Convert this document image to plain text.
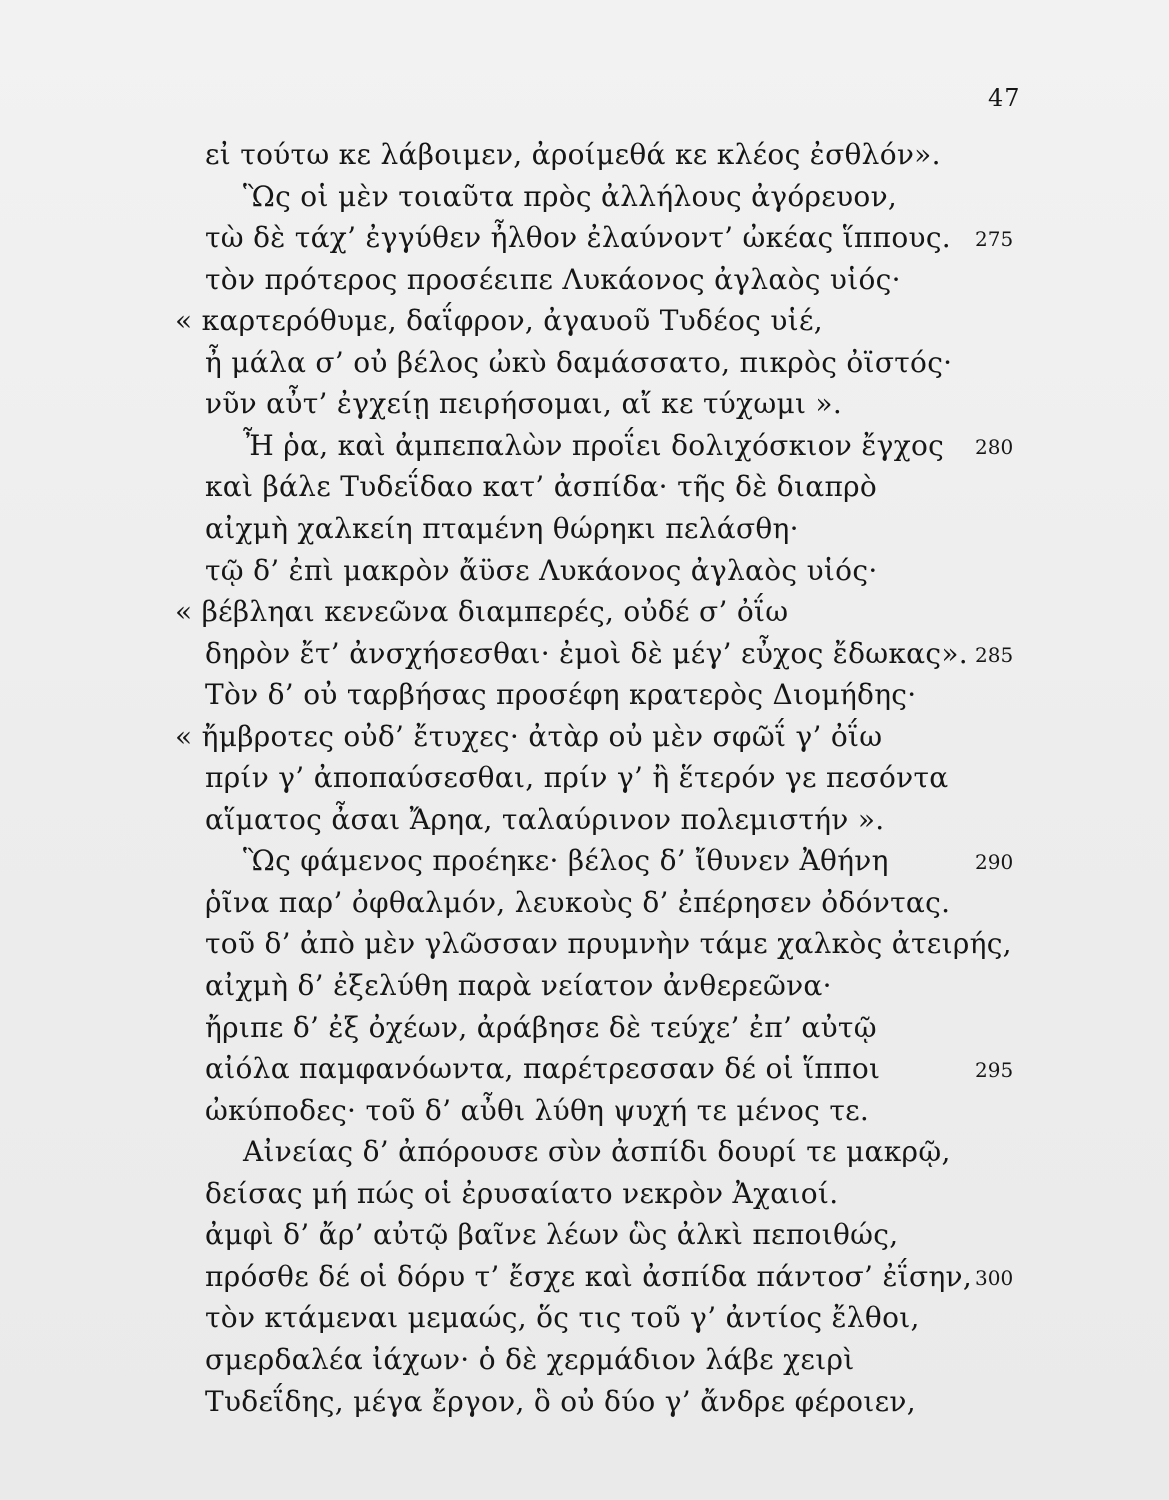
47
εἰ τούτω κε λάβοιμεν, ἀροίμεθά κε κλέος ἐσθλόν».
Ὣς οἱ μὲν τοιαῦτα πρὸς ἀλλήλους ἀγόρευον,
τὼ δὲ τάχ’ ἐγγύθεν ἦλθον ἐλαύνοντ’ ὠκέας ἵππους. 275
τὸν πρότερος προσέειπε Λυκάονος ἀγλαὸς υἱός·
« καρτερόθυμε, δαΐφρον, ἀγαυοῦ Τυδέος υἱέ,
ἦ μάλα σ’ οὐ βέλος ὠκὺ δαμάσσατο, πικρὸς ὀϊστός·
νῦν αὖτ’ ἐγχείῃ πειρήσομαι, αἴ κε τύχωμι ».
Ἦ ῥα, καὶ ἀμπεπαλὼν προΐει δολιχόσκιον ἔγχος 280
καὶ βάλε Τυδεΐδαο κατ’ ἀσπίδα· τῆς δὲ διαπρὸ
αἰχμὴ χαλκείη πταμένη θώρηκι πελάσθη·
τῷ δ’ ἐπὶ μακρὸν ἄϋσε Λυκάονος ἀγλαὸς υἱός·
« βέβληαι κενεῶνα διαμπερές, οὐδέ σ’ ὀΐω
δηρὸν ἔτ’ ἀνσχήσεσθαι· ἐμοὶ δὲ μέγ’ εὖχος ἔδωκας». 285
Τὸν δ’ οὐ ταρβήσας προσέφη κρατερὸς Διομήδης·
« ἤμβροτες οὐδ’ ἔτυχες· ἀτὰρ οὐ μὲν σφῶΐ γ’ ὀΐω
πρίν γ’ ἀποπαύσεσθαι, πρίν γ’ ἢ ἕτερόν γε πεσόντα
αἵματος ἆσαι Ἄρηα, ταλαύρινον πολεμιστήν ».
Ὣς φάμενος προέηκε· βέλος δ’ ἴθυνεν Ἀθήνη	290
ῥῖνα παρ’ ὀφθαλμόν, λευκοὺς δ’ ἐπέρησεν ὀδόντας.
τοῦ δ’ ἀπὸ μὲν γλῶσσαν πρυμνὴν τάμε χαλκὸς ἀτειρής,
αἰχμὴ δ’ ἐξελύθη παρὰ νείατον ἀνθερεῶνα·
ἤριπε δ’ ἐξ ὀχέων, ἀράβησε δὲ τεύχε’ ἐπ’ αὐτῷ
αἰόλα παμφανόωντα, παρέτρεσσαν δέ οἱ ἵπποι	295
ὠκύποδες· τοῦ δ’ αὖθι λύθη ψυχή τε μένος τε.
Αἰνείας δ’ ἀπόρουσε σὺν ἀσπίδι δουρί τε μακρῷ,
δείσας μή πώς οἱ ἐρυσαίατο νεκρὸν Ἀχαιοί.
ἀμφὶ δ’ ἄρ’ αὐτῷ βαῖνε λέων ὣς ἀλκὶ πεποιθώς,
πρόσθε δέ οἱ δόρυ τ’ ἔσχε καὶ ἀσπίδα πάντοσ’ ἐΐσην, 300
τὸν κτάμεναι μεμαώς, ὅς τις τοῦ γ’ ἀντίος ἔλθοι,
σμερδαλέα ἰάχων· ὁ δὲ χερμάδιον λάβε χειρὶ
Τυδεΐδης, μέγα ἔργον, ὃ οὐ δύο γ’ ἄνδρε φέροιεν,
